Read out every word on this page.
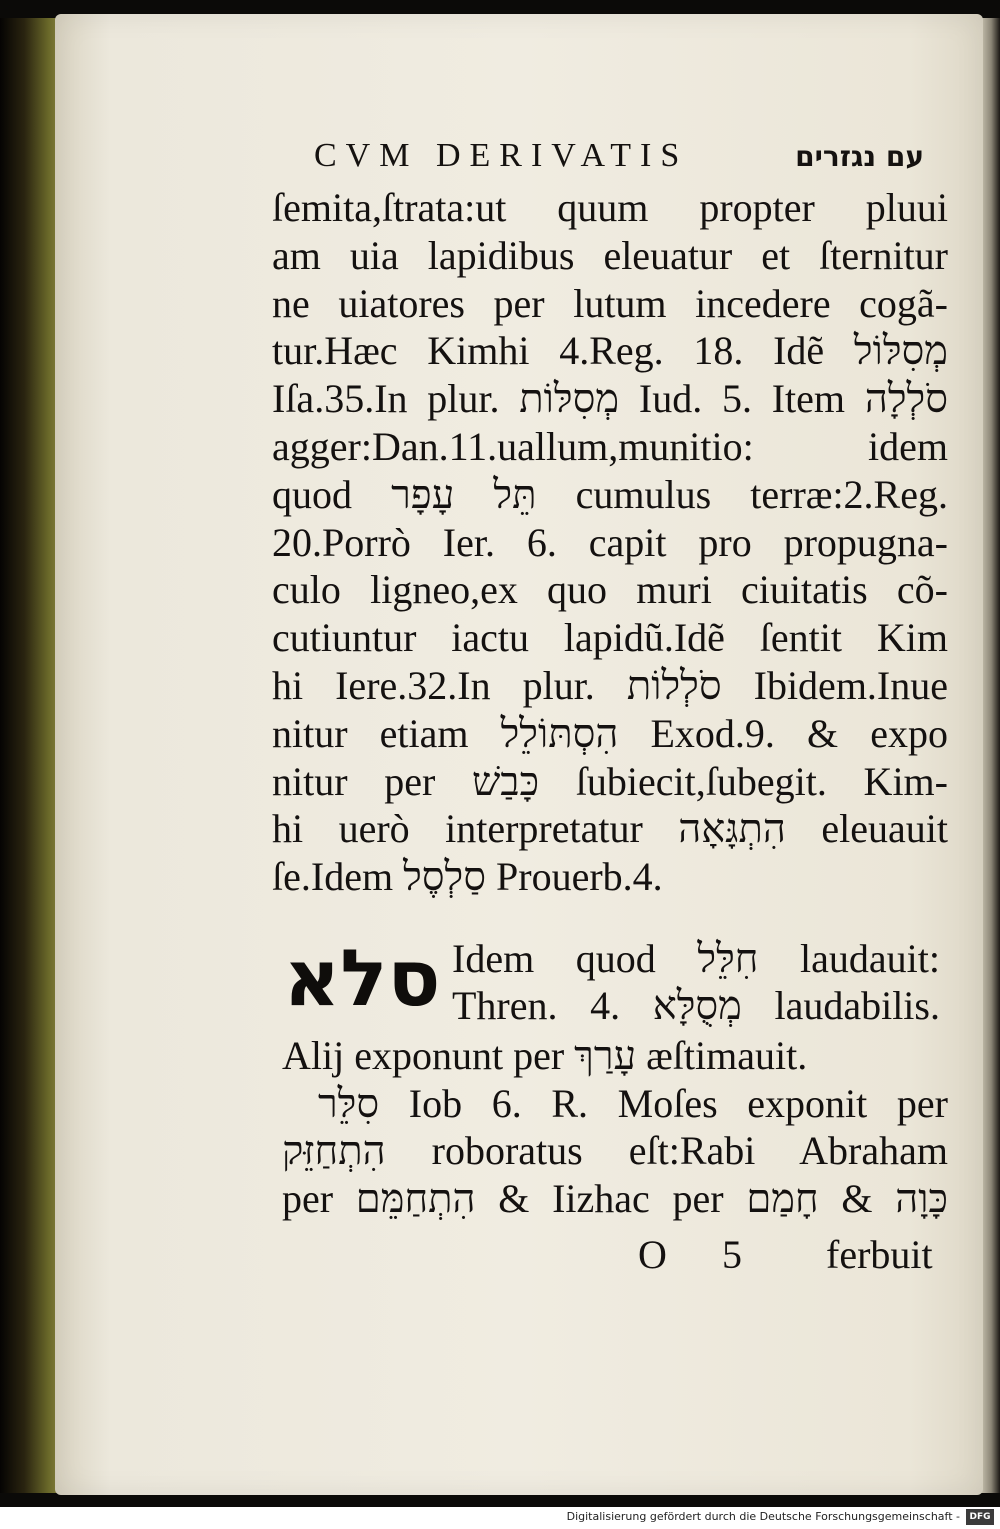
CVM DERIVATIS	עם נגזרים
ſemita,ſtrata:ut quum propter pluui
am uia lapidibus eleuatur et ſternitur
ne uiatores per lutum incedere cogã-
tur.Hæc Kimhi 4.Reg. 18. Idẽ מְסִלּוֹל
Iſa.35.In plur. מְסִלּוֹת Iud. 5. Item סֹלְלָה
agger:Dan.11.uallum,munitio: idem
quod תֵּל עָפָר cumulus terræ:2.Reg.
20.Porrò Ier. 6. capit pro propugna-
culo ligneo,ex quo muri ciuitatis cõ-
cutiuntur iactu lapidũ.Idẽ ſentit Kim
hi Iere.32.In plur. סֹלְלוֹת Ibidem.Inue
nitur etiam הִסְתּוֹלֵל Exod.9. & expo
nitur per כָּבַשׁ ſubiecit,ſubegit. Kim-
hi uerò interpretatur הִתְגָּאָה eleuauit
ſe.Idem סַלְסֶל Prouerb.4.
סלא Idem quod חִלֵּל laudauit:
Thren. 4. מְסֻלָּא laudabilis.
Alij exponunt per עָרַךְ æſtimauit.
סִלֵּר Iob 6. R. Moſes exponit per
הִתְחַזֵּק roboratus eſt:Rabi Abraham
per הִתְחַמֵּם & Iizhac per כָּוָה & חָמַם
O 5 ferbuit
Digitalisierung gefördert durch die Deutsche Forschungsgemeinschaft -	DFG
